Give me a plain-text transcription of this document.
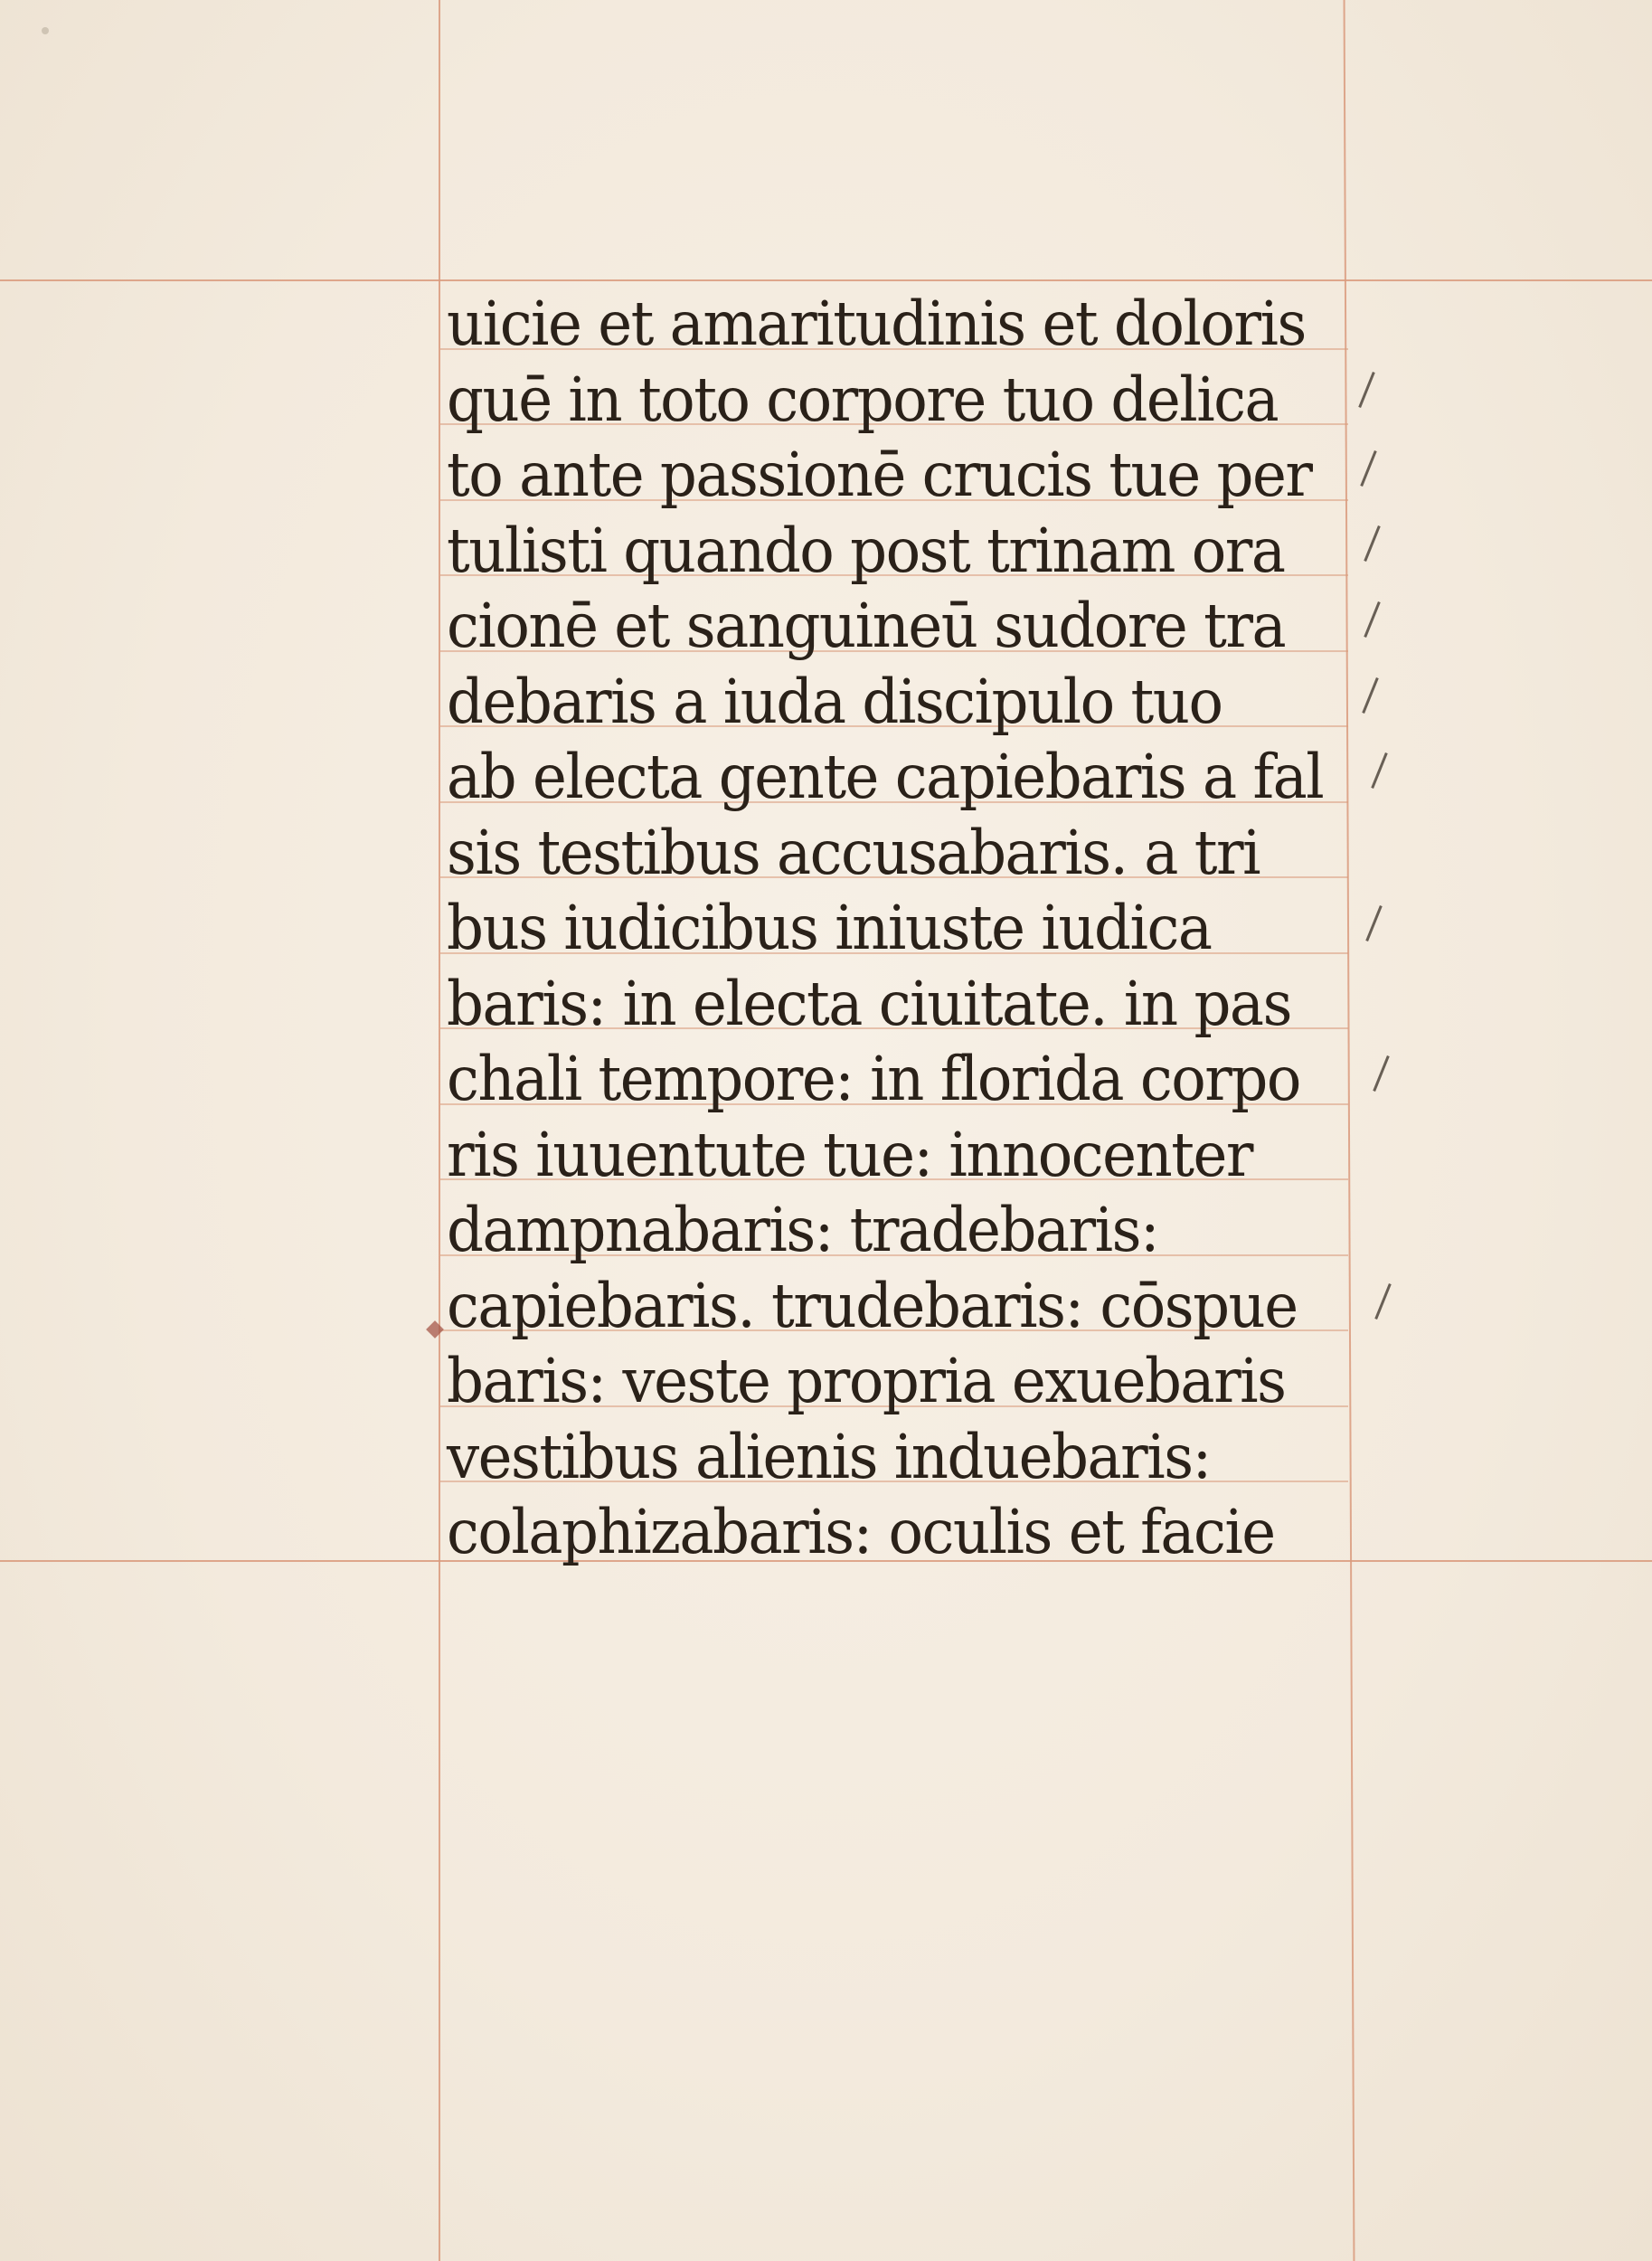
uicie et amaritudinis et doloris
quē in toto corpore tuo delica
to ante passionē crucis tue per
tulisti quando post trinam ora
cionē et sanguineū sudore tra
debaris a iuda discipulo tuo
ab electa gente capiebaris a fal
sis testibus accusabaris. a tri
bus iudicibus iniuste iudica
baris: in electa ciuitate. in pas
chali tempore: in florida corpo
ris iuuentute tue: innocenter
dampnabaris: tradebaris:
capiebaris. trudebaris: cōspue
baris: veste propria exuebaris
vestibus alienis induebaris:
colaphizabaris: oculis et facie
